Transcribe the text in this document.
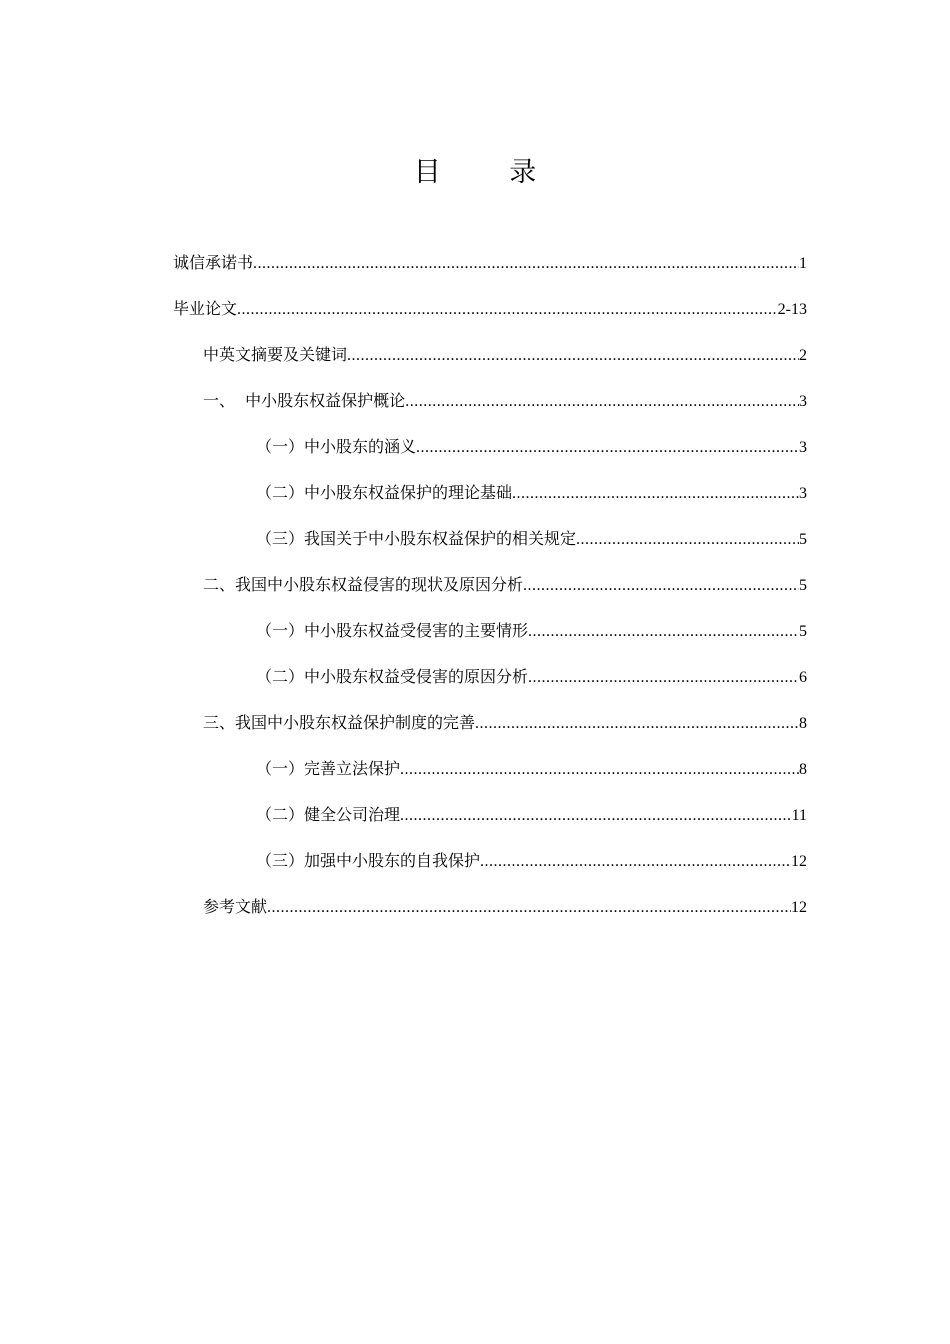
目 录
诚信承诺书 .....	1
毕业论文 .....	2-13
中英文摘要及关键词 .....	2
一、  中小股东权益保护概论 .....	3
（一）中小股东的涵义 .....	3
（二）中小股东权益保护的理论基础 .....	3
（三）我国关于中小股东权益保护的相关规定 .....	5
二、我国中小股东权益侵害的现状及原因分析 .....	5
（一）中小股东权益受侵害的主要情形 .....	5
（二）中小股东权益受侵害的原因分析 .....	6
三、我国中小股东权益保护制度的完善 .....	8
（一）完善立法保护 .....	8
（二）健全公司治理 .....	11
（三）加强中小股东的自我保护 .....	12
参考文献 .....	12
